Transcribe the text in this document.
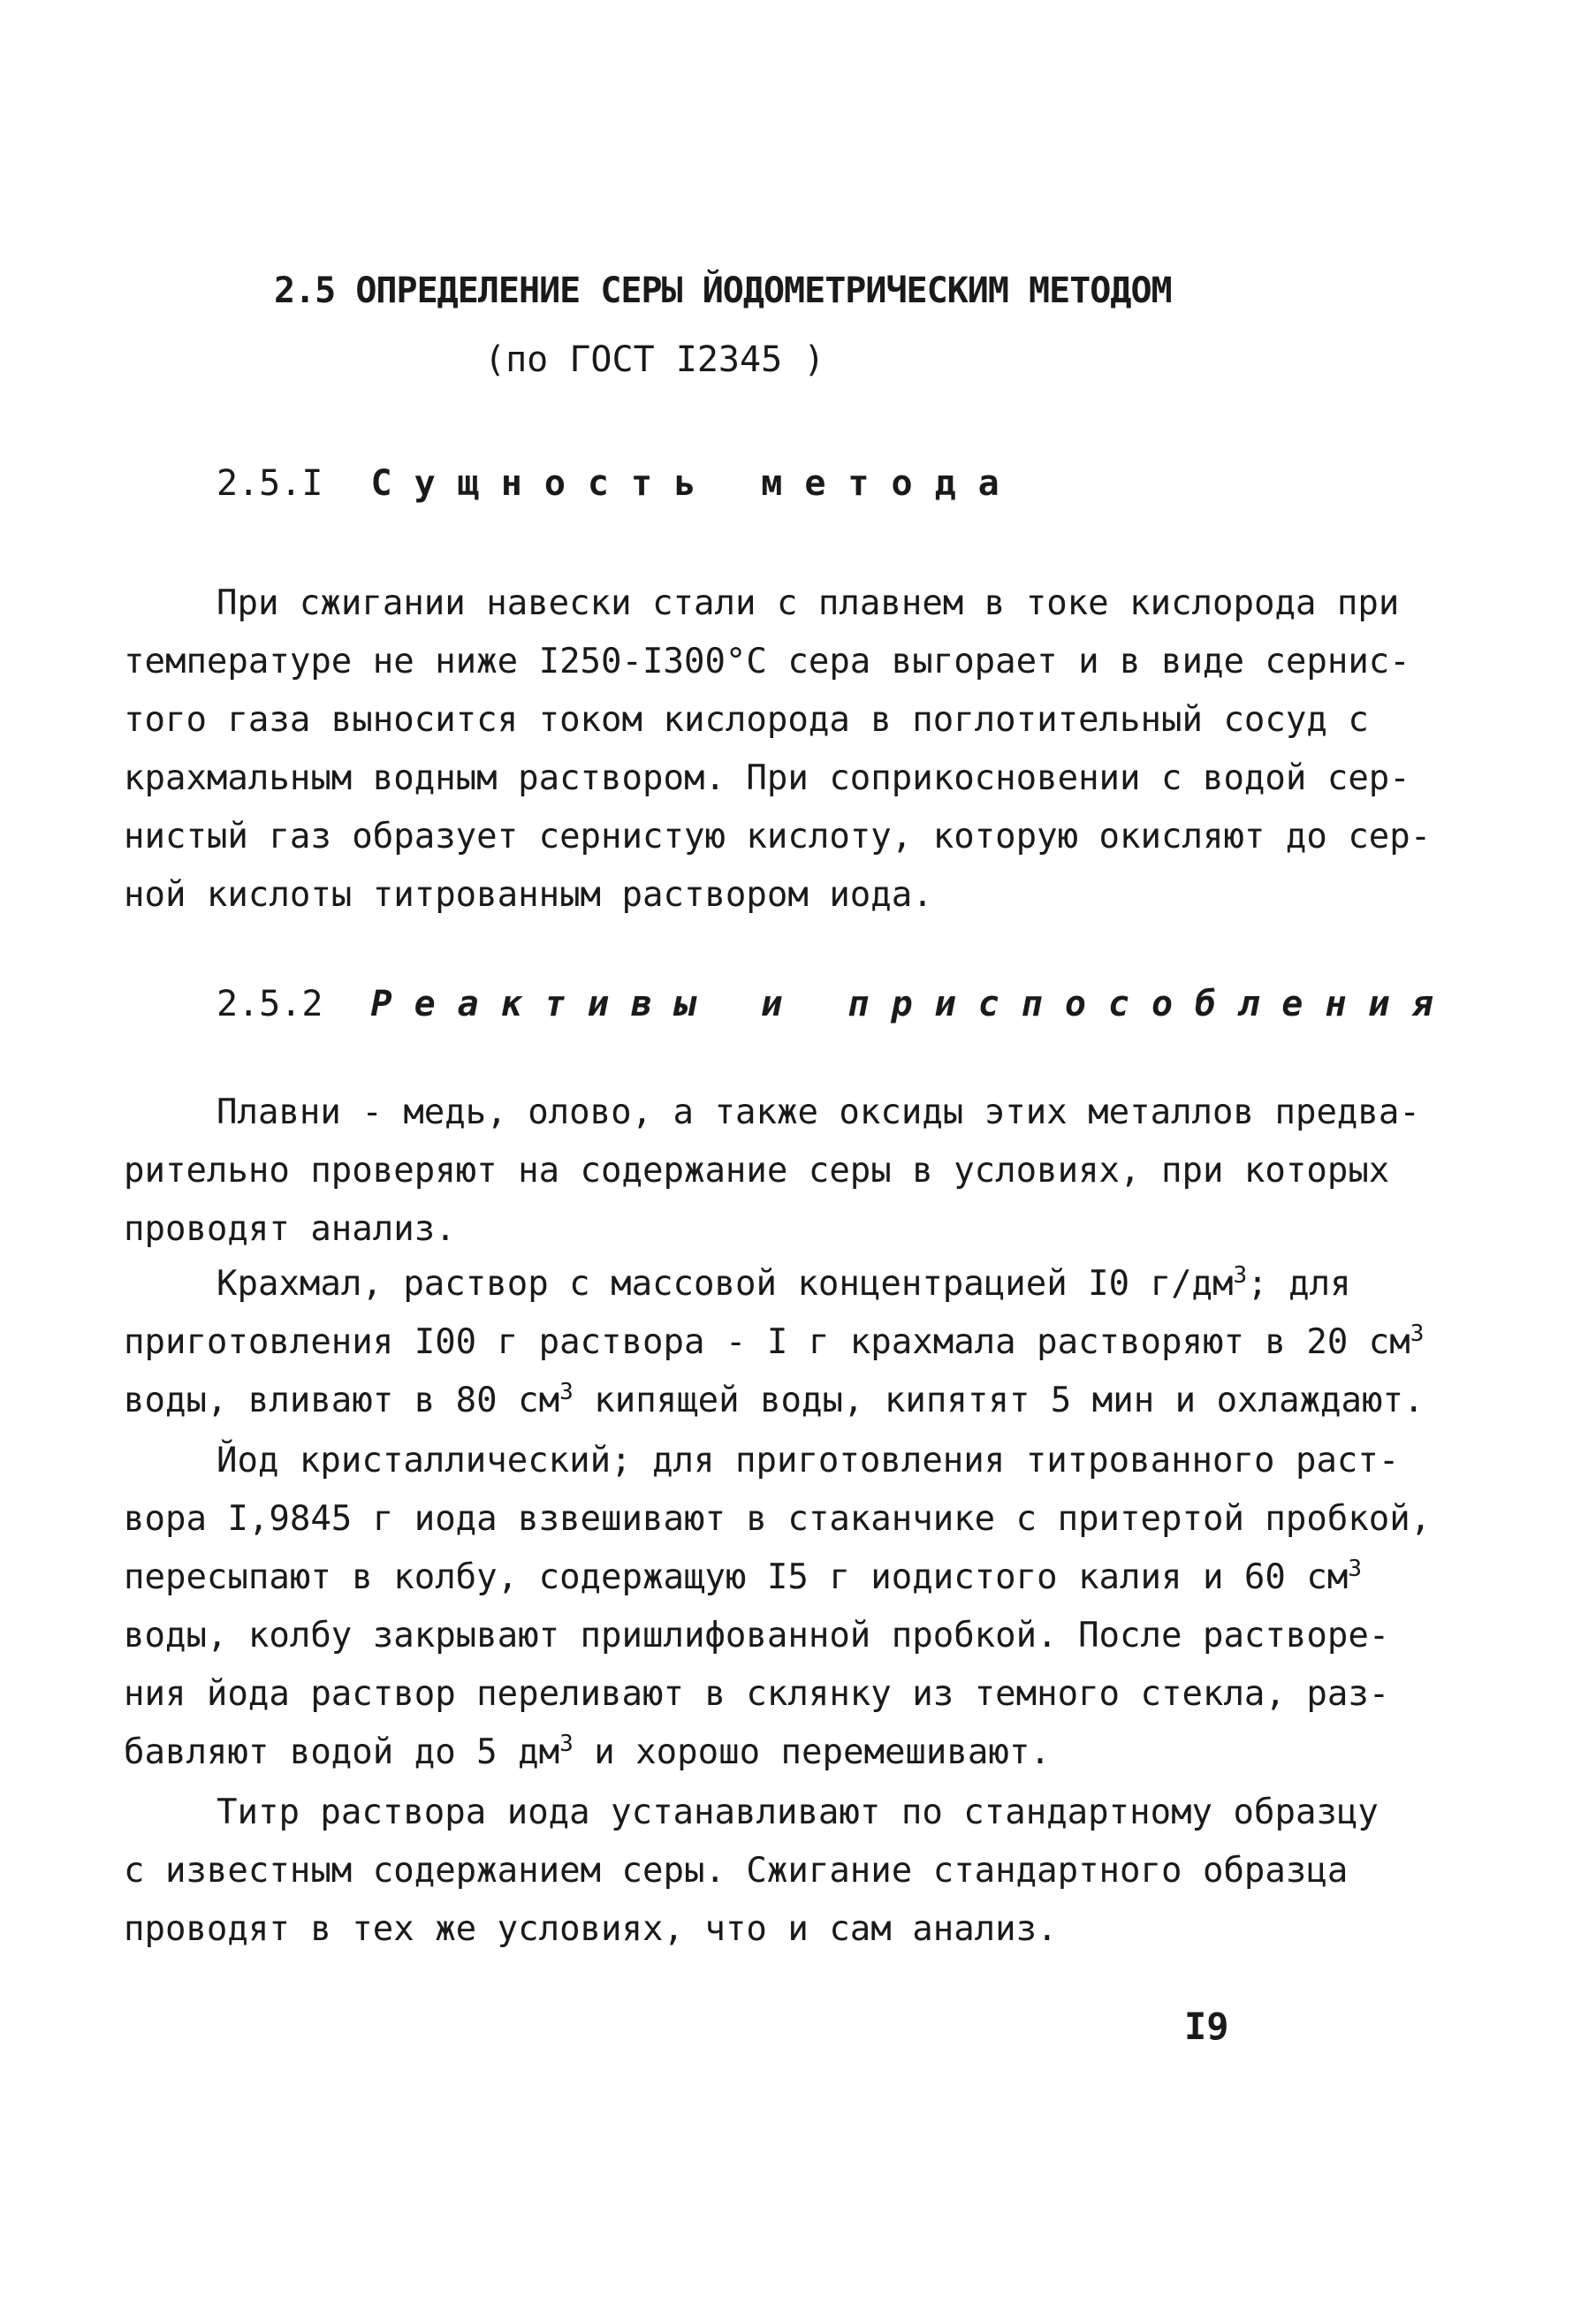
2.5 ОПРЕДЕЛЕНИЕ СЕРЫ ЙОДОМЕТРИЧЕСКИМ МЕТОДОМ
(по ГОСТ I2345 )
2.5.I Сущность метода
При сжигании навески стали с плавнем в токе кислорода при
температуре не ниже I250-I300°C сера выгорает и в виде сернис-
того газа выносится током кислорода в поглотительный сосуд с
крахмальным водным раствором. При соприкосновении с водой сер-
нистый газ образует сернистую кислоту, которую окисляют до сер-
ной кислоты титрованным раствором иода.
2.5.2 Реактивы и приспособления
Плавни - медь, олово, а также оксиды этих металлов предва-
рительно проверяют на содержание серы в условиях, при которых
проводят анализ.
Крахмал, раствор с массовой концентрацией I0 $г/дм^3$; для
приготовления I00 г раствора - I г крахмала растворяют в 20 $см^3$
воды, вливают в 80 $см^3$ кипящей воды, кипятят 5 мин и охлаждают.
Йод кристаллический; для приготовления титрованного раст-
вора I,9845 г иода взвешивают в стаканчике с притертой пробкой,
пересыпают в колбу, содержащую I5 г иодистого калия и 60 $см^3$
воды, колбу закрывают пришлифованной пробкой. После растворе-
ния йода раствор переливают в склянку из темного стекла, раз-
бавляют водой до 5 $дм^3$ и хорошо перемешивают.
Титр раствора иода устанавливают по стандартному образцу
с известным содержанием серы. Сжигание стандартного образца
проводят в тех же условиях, что и сам анализ.
I9
